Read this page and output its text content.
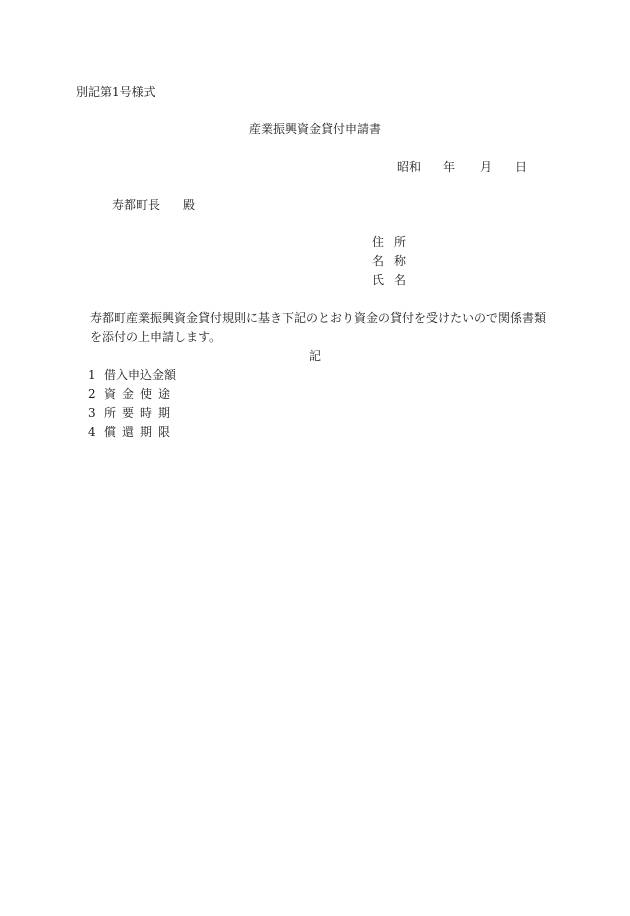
別記第1号様式
産業振興資金貸付申請書
昭和 年 月 日
寿都町長 殿
住所
名称
氏名
寿都町産業振興資金貸付規則に基き下記のとおり資金の貸付を受けたいので関係書類
を添付の上申請します。
記
1 借入申込金額
2 資金使途
3 所要時期
4 償還期限
